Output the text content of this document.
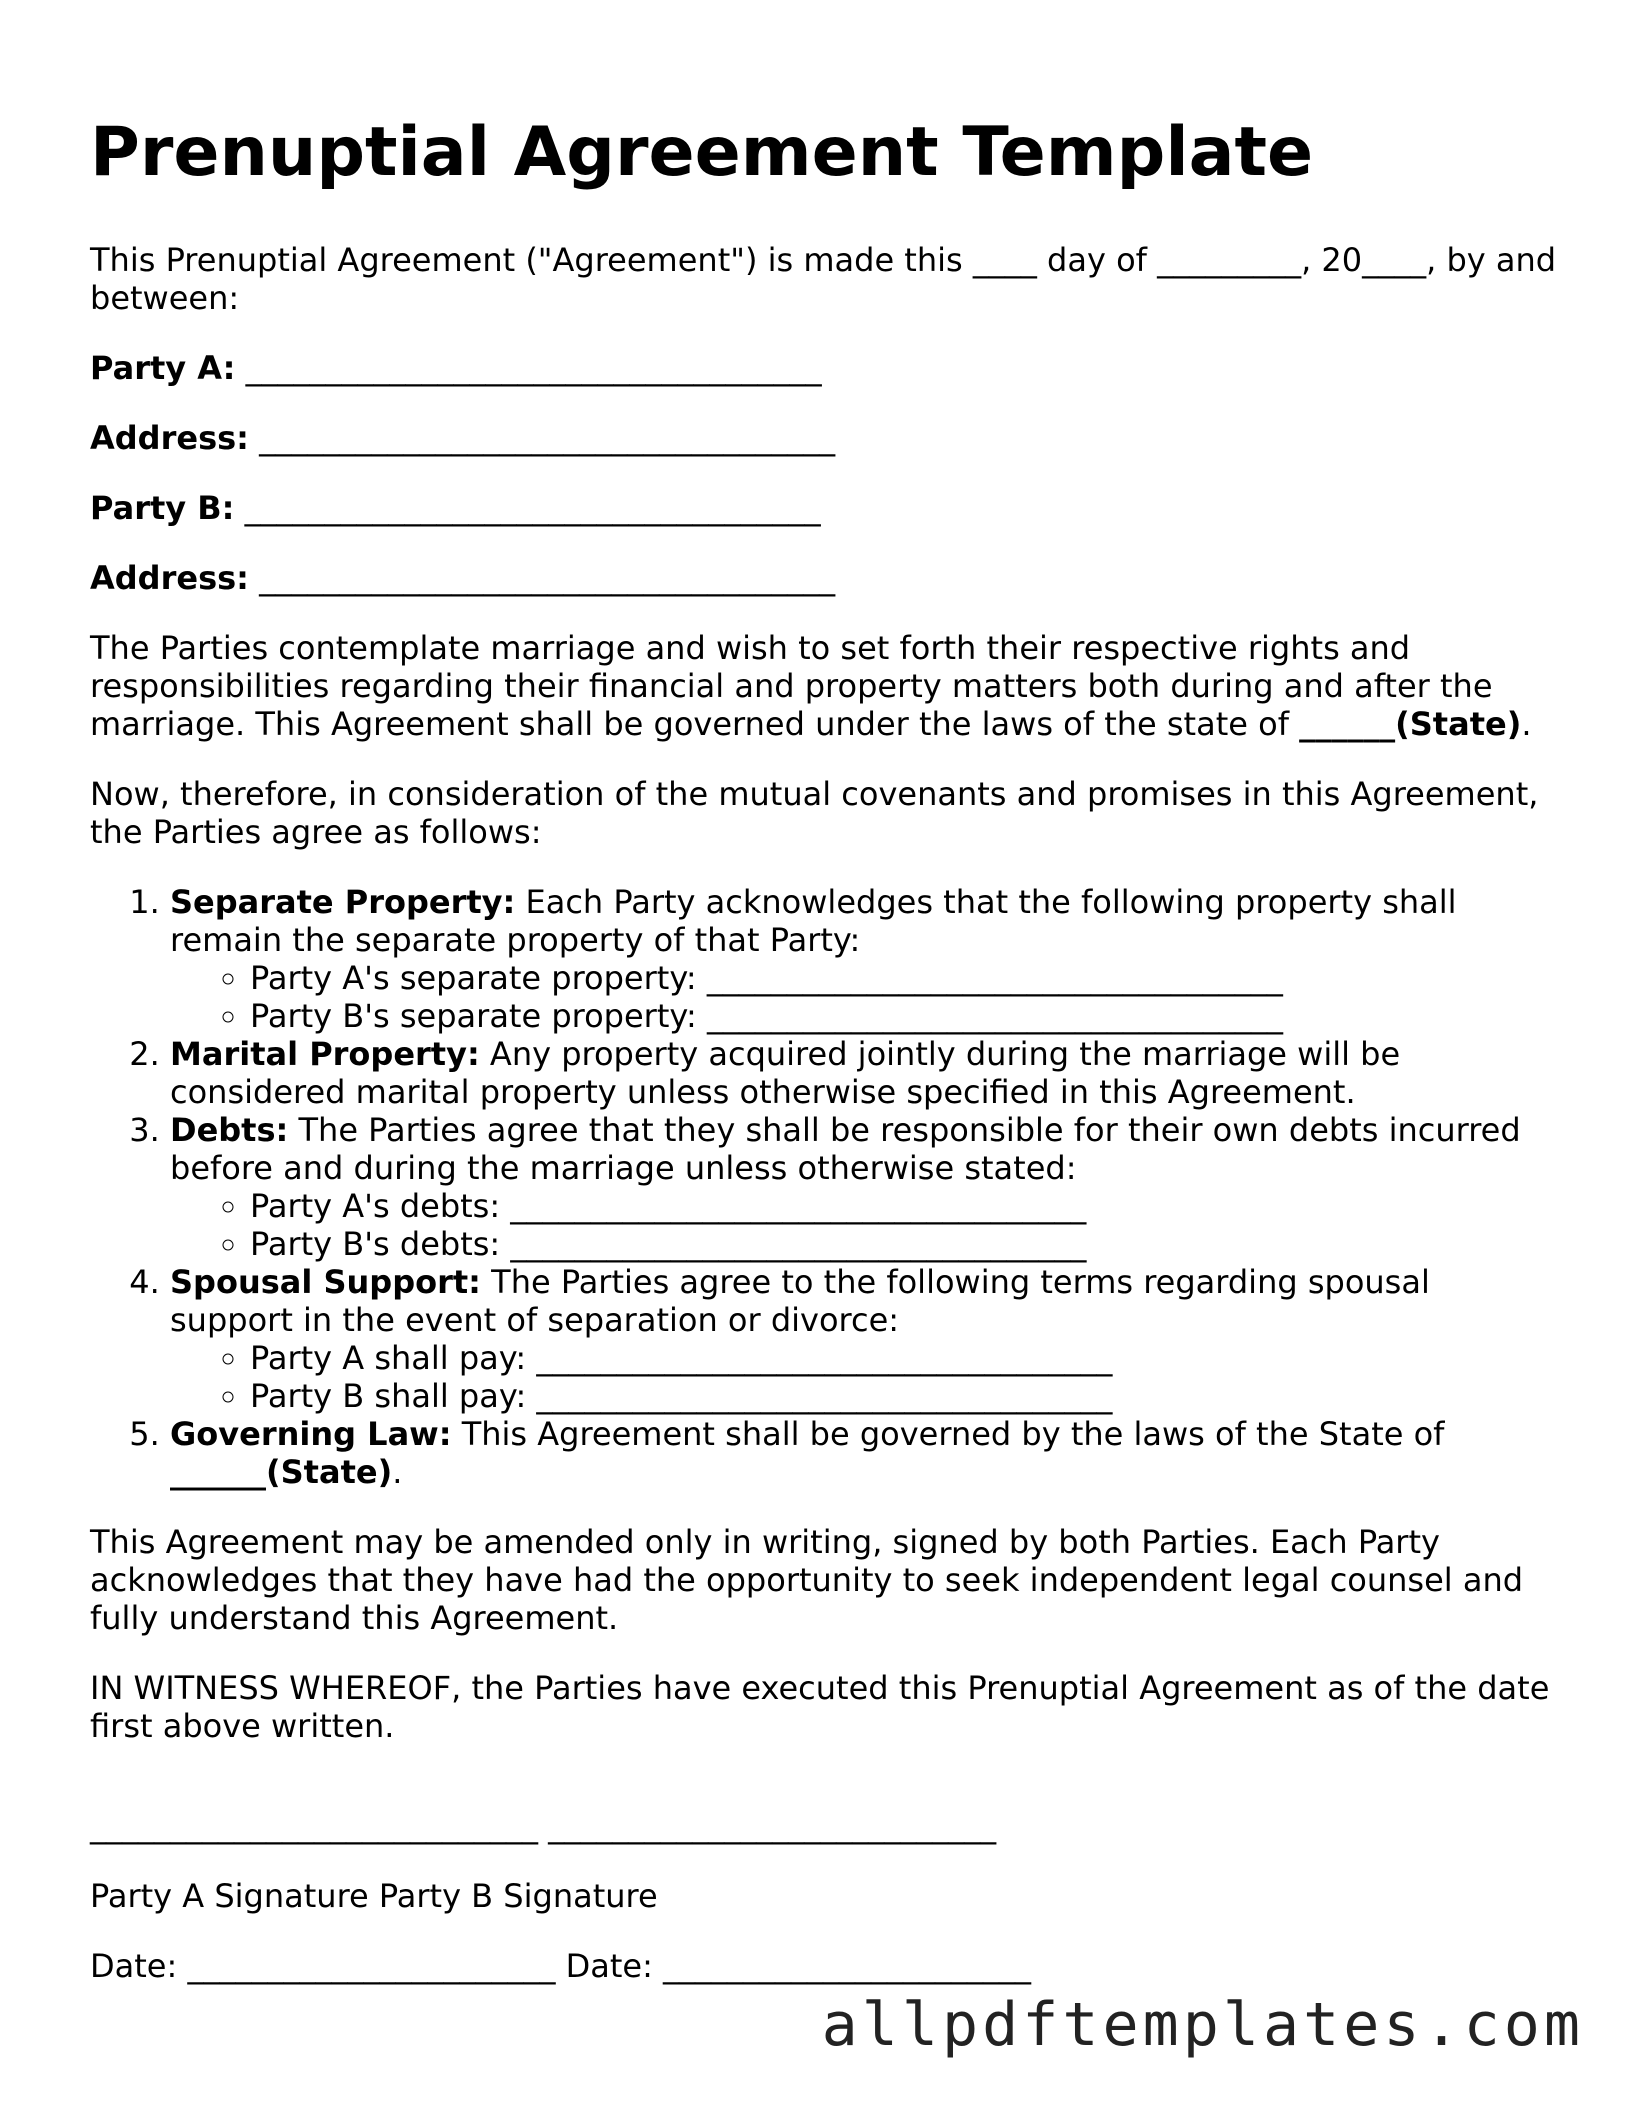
Prenuptial Agreement Template

This Prenuptial Agreement ("Agreement") is made this ____ day of _________, 20____, by and between:

Party A: ____________________________________
Address: ____________________________________
Party B: ____________________________________
Address: ____________________________________

The Parties contemplate marriage and wish to set forth their respective rights and responsibilities regarding their financial and property matters both during and after the marriage. This Agreement shall be governed under the laws of the state of ______(State).

Now, therefore, in consideration of the mutual covenants and promises in this Agreement, the Parties agree as follows:

1. Separate Property: Each Party acknowledges that the following property shall remain the separate property of that Party:
◦ Party A's separate property: ____________________________________
◦ Party B's separate property: ____________________________________
2. Marital Property: Any property acquired jointly during the marriage will be considered marital property unless otherwise specified in this Agreement.
3. Debts: The Parties agree that they shall be responsible for their own debts incurred before and during the marriage unless otherwise stated:
◦ Party A's debts: ____________________________________
◦ Party B's debts: ____________________________________
4. Spousal Support: The Parties agree to the following terms regarding spousal support in the event of separation or divorce:
◦ Party A shall pay: ____________________________________
◦ Party B shall pay: ____________________________________
5. Governing Law: This Agreement shall be governed by the laws of the State of ______(State).

This Agreement may be amended only in writing, signed by both Parties. Each Party acknowledges that they have had the opportunity to seek independent legal counsel and fully understand this Agreement.

IN WITNESS WHEREOF, the Parties have executed this Prenuptial Agreement as of the date first above written.

____________________________ ____________________________
Party A Signature Party B Signature
Date: _______________________ Date: _______________________
allpdftemplates.com
